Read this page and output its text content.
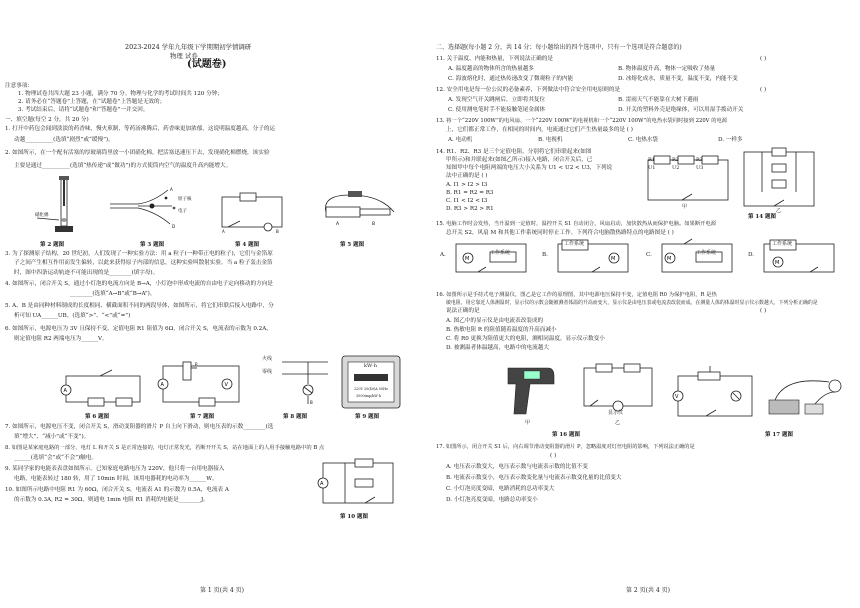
2023-2024 学年九年级下学期期初学情调研
物理 试卷
(试题卷)
注意事项:
1. 物理试卷共四大题 23 小题，满分 70 分。物理与化学的考试时间共 120 分钟；
2. 请务必在“答题卷”上答题，在“试题卷”上答题是无效的；
3. 考试结束后，请将“试题卷”和“答题卷”一并交回。
一、填空题(每空 2 分，共 20 分)
1. 打开中药包会闻到淡淡的药香味，慢火煎制，等药汤沸腾后，药香味更加浓郁，这说明温度越高，分子的运
动越__________(选填“剧烈”或“缓慢”)。
2. 如图所示，在一个配有活塞的厚玻璃筒里放一小团硝化棉，把活塞迅速压下去，发现硝化棉燃烧，该实验
主要是通过__________(选填“热传递”或“做功”)的方式使筒内空气的温度升高内能增大。
硝化棉
原子核
电子
A
D
A	B
A	B
第 2 题图	第 3 题图	第 4 题图	第 5 题图
3. 为了探测原子结构，20 世纪初，人们发现了一种实验方法：用 a 粒子(一种带正电的粒子)，它们与金箔原
子之间产生相互作用而发生偏转，以此来获得原子内部的信息，这种实验叫散射实验。当 a 粒子轰击金箔
时，图中四条运动轨迹不可能出现的是________(填字母)。
4. 如图所示，闭合开关 S，通过小灯泡的电流方向是 B→A，小灯泡中形成电流的自由电子定向移动的方向是
________(选填“A→B”或“B→A”)。
5. A、B 是由同种材料制成的长度相同、横截面积不同的两段导体，如图所示，将它们串联后接入电路中，分
析可知 UA______UB。(选填“>”、“<”或“=”)
6. 如图所示，电源电压为 3V 且保持不变，定值电阻 R1 阻值为 6Ω，闭合开关 S，电流表的示数为 0.2A，
则定值电阻 R2 两端电压为______V。
A
A
P
V
B
火线
零线
kW·h
220V 20(40)A 50Hz
3000imp/kW·h
第 6 题图	第 7 题图	第 8 题图	第 9 题图
7. 如图所示，电源电压不变，闭合开关 S，滑动变阻器的滑片 P 自上向下滑动，则电压表的示数________(选
填“增大”、“减小”或“不变”)。
8. 如图是某家庭电路的一部分，电灯 L 和开关 S 是正常连接的，电灯正常发光，若断开开关 S，站在地面上的人用手接触电路中的 B 点
______(选填“会”或“不会”)触电。
9. 某同学家的电能表表盘如图所示。已知家庭电路电压为 220V，他只将一台用电器接入
电路，电能表转过 180 转，用了 10min 时间，该用电器耗的电功率为______W。
10. 如图所示电路中电阻 R1 为 60Ω，闭合开关 S，电流表 A1 的示数为 0.5A，电流表 A
的示数为 0.3A, R2 = 30Ω，则通电 1min 电阻 R1 消耗的电能是________J。
A
第 10 题图
第 1 页(共 4 页)
二、选择题(每小题 2 分，共 14 分；每小题给出的四个选项中，只有一个选项是符合题意的)
11. 关于温度、内能和热量，下列说法正确的是	( )
A. 温度越高的物体所含的热量越多	B. 物体温度升高，物体一定吸收了热量
C. 海波熔化时，通过热传递改变了微观粒子的内能	D. 冰熔化成水，质量不变，温度不变，内能不变
12. 安全用电是每一位公民的必备素养，下列做法中符合安全用电原则的是	( )
A. 发现空气开关跳闸后，立即将其复位	B. 雷雨天气不能靠在大树下避雨
C. 使用测电笔时手不能接触笔尾金属体	D. 开关的塑料外壳是绝缘体，可以用湿手拨动开关
13. 将一个“220V 100W”的电风扇、一个“220V 100W”的电视机和一个“220V 100W”的电热水袋同时接到 220V 的电源
上，它们都正常工作，在相同的时间内，电流通过它们产生热量最多的是 ( )
A. 电动机	B. 电视机	C. 电热水袋	D. 一样多
14. R1、R2、R3 是三个定值电阻，分别将它们串联起来(如图
甲所示)和并联起来(如图乙所示)接入电路，闭合开关后，已
知图甲中每个电阻两端的电压大小关系为 U1 < U2 < U3，下列说
法中正确的是 ( )
A. I1 > I2 > I3
B. R1 = R2 = R3
C. I1 < I2 < I3
D. R3 > R2 > R1
R1	R2	R3
U1	U2	U3
甲
乙
第 14 题图
15. 电脑工作时会发热，当升温到一定值时，温控开关 S1 自动闭合，风扇启动，加快散热从而保护电脑。如果断开电源
总开关 S2，风扇 M 和其他工作系统同时停止工作。下列符合电脑散热路特点的电路图是 ( )
M	M	M
M
工作系统
工作系统
工作系统
工作系统
A.	B.	C.	D.
16. 如图所示是手持式电子测温仪，图乙是它工作的原理图，其中电源电压保持不变，定值电阻 R0 为保护电阻，R 是热
敏电阻，用它靠近人体测温时，显示仪的示数会随被测者体温的升高而变大，显示仪是由电压表或电流表改装而成。在测量人体的体温时显示仪示数越大，下列分析正确的是
说法正确的是	( )
A. 图乙中的显示仪是由电流表改装成的
B. 热敏电阻 R 的阻值随着温度的升高而减小
C. 将 R0 更换为阻值更大的电阻，测相同温度，显示仪示数变小
D. 被测温者体温越高，电路中的电流越大
显示仪
甲	乙
第 16 题图
V
第 17 题图
17. 如图所示，闭合开关 S1 后，向右调节滑动变阻器的滑片 P，忽略温度对灯丝电阻的影响，下列说法正确的是
( )
A. 电压表示数变大，电压表示数与电流表示数的比值不变
B. 电流表示数变小，电压表示数变化量与电流表示数变化量的比值变大
C. 小灯泡亮度变暗，电路消耗的总功率变大
D. 小灯泡亮度变暗，电路总功率变小
第 2 页(共 4 页)
